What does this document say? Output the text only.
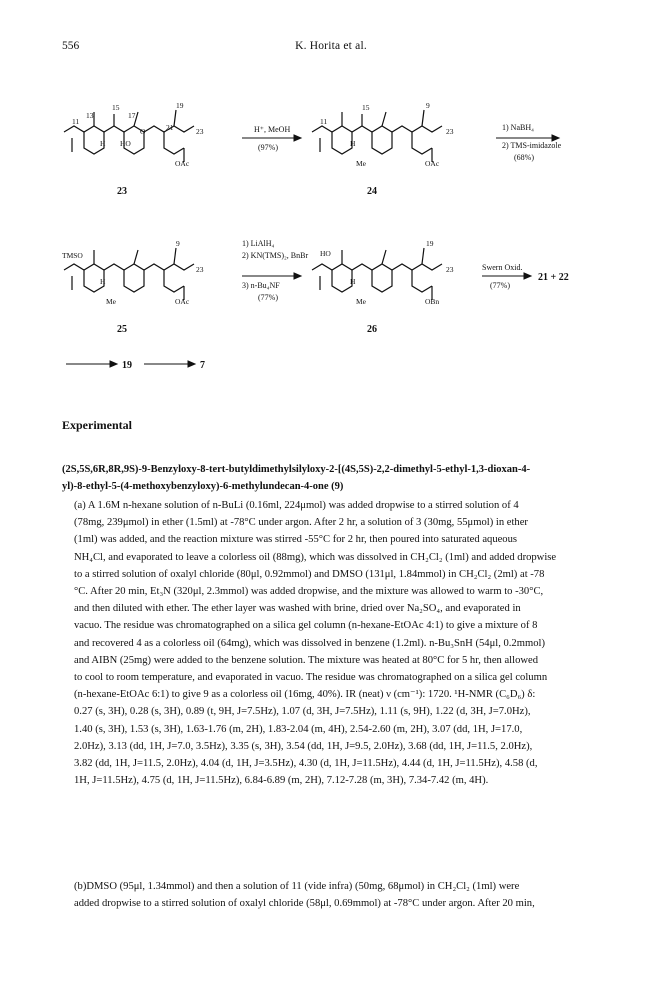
556	K. Horita et al.
H HO
O
OAc
11
13
15
17
19
21	23
H
Me	OAc
11
15	9
23
TMSO
H
Me	OAc
9
23
HO
H
Me	OBn
19
23
H⁺, MeOH
(97%)
1) NaBH₄
2) TMS-imidazole
(68%)
1) LiAlH₄
2) KN(TMS)₂, BnBr
3) n-Bu₄NF
(77%)
Swern Oxid.
(77%)
23	24
25	26
21 + 22
19	7
Experimental
(2S,5S,6R,8R,9S)-9-Benzyloxy-8-tert-butyldimethylsilyloxy-2-[(4S,5S)-2,2-dimethyl-5-ethyl-1,3-dioxan-4-
yl)-8-ethyl-5-(4-methoxybenzyloxy)-6-methylundecan-4-one (9)
(a) A 1.6M n-hexane solution of n-BuLi (0.16ml, 224μmol) was added dropwise to a stirred solution of 4
(78mg, 239μmol) in ether (1.5ml) at -78°C under argon. After 2 hr, a solution of 3 (30mg, 55μmol) in ether
(1ml) was added, and the reaction mixture was stirred -55°C for 2 hr, then poured into saturated aqueous
NH₄Cl, and evaporated to leave a colorless oil (88mg), which was dissolved in CH₂Cl₂ (1ml) and added dropwise
to a stirred solution of oxalyl chloride (80μl, 0.92mmol) and DMSO (131μl, 1.84mmol) in CH₂Cl₂ (2ml) at -78
°C. After 20 min, Et₃N (320μl, 2.3mmol) was added dropwise, and the mixture was allowed to warm to -30°C,
and then diluted with ether. The ether layer was washed with brine, dried over Na₂SO₄, and evaporated in
vacuo. The residue was chromatographed on a silica gel column (n-hexane-EtOAc 4:1) to give a mixture of 8
and recovered 4 as a colorless oil (64mg), which was dissolved in benzene (1.2ml). n-Bu₃SnH (54μl, 0.2mmol)
and AIBN (25mg) were added to the benzene solution. The mixture was heated at 80°C for 5 hr, then allowed
to cool to room temperature, and evaporated in vacuo. The residue was chromatographed on a silica gel column
(n-hexane-EtOAc 6:1) to give 9 as a colorless oil (16mg, 40%). IR (neat) ν (cm⁻¹): 1720. ¹H-NMR (C₆D₆) δ:
0.27 (s, 3H), 0.28 (s, 3H), 0.89 (t, 9H, J=7.5Hz), 1.07 (d, 3H, J=7.5Hz), 1.11 (s, 9H), 1.22 (d, 3H, J=7.0Hz),
1.40 (s, 3H), 1.53 (s, 3H), 1.63-1.76 (m, 2H), 1.83-2.04 (m, 4H), 2.54-2.60 (m, 2H), 3.07 (dd, 1H, J=17.0,
2.0Hz), 3.13 (dd, 1H, J=7.0, 3.5Hz), 3.35 (s, 3H), 3.54 (dd, 1H, J=9.5, 2.0Hz), 3.68 (dd, 1H, J=11.5, 2.0Hz),
3.82 (dd, 1H, J=11.5, 2.0Hz), 4.04 (d, 1H, J=3.5Hz), 4.30 (d, 1H, J=11.5Hz), 4.44 (d, 1H, J=11.5Hz), 4.58 (d,
1H, J=11.5Hz), 4.75 (d, 1H, J=11.5Hz), 6.84-6.89 (m, 2H), 7.12-7.28 (m, 3H), 7.34-7.42 (m, 4H).
(b)DMSO (95μl, 1.34mmol) and then a solution of 11 (vide infra) (50mg, 68μmol) in CH₂Cl₂ (1ml) were
added dropwise to a stirred solution of oxalyl chloride (58μl, 0.69mmol) at -78°C under argon. After 20 min,
